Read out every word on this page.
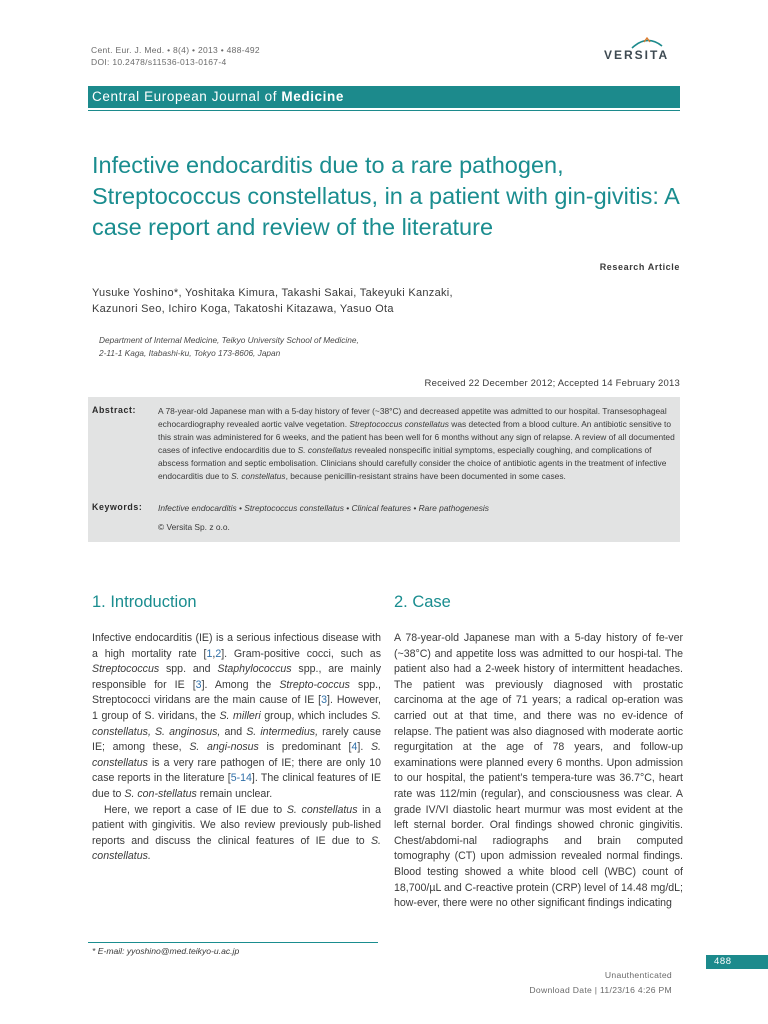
Cent. Eur. J. Med. • 8(4) • 2013 • 488-492
DOI: 10.2478/s11536-013-0167-4	VERSITA
Central European Journal of Medicine
Infective endocarditis due to a rare pathogen, Streptococcus constellatus, in a patient with gin-givitis: A case report and review of the literature
Research Article
Yusuke Yoshino*, Yoshitaka Kimura, Takashi Sakai, Takeyuki Kanzaki,
Kazunori Seo, Ichiro Koga, Takatoshi Kitazawa, Yasuo Ota
Department of Internal Medicine, Teikyo University School of Medicine,
2-11-1 Kaga, Itabashi-ku, Tokyo 173-8606, Japan
Received 22 December 2012; Accepted 14 February 2013
Abstract:	A 78-year-old Japanese man with a 5-day history of fever (~38°C) and decreased appetite was admitted to our hospital. Transesophageal echocardiography revealed aortic valve vegetation. Streptococcus constellatus was detected from a blood culture. An antibiotic sensitive to this strain was administered for 6 weeks, and the patient has been well for 6 months without any sign of relapse. A review of all documented cases of infective endocarditis due to S. constellatus revealed nonspecific initial symptoms, especially coughing, and complications of abscess formation and septic embolisation. Clinicians should carefully consider the choice of antibiotic agents in the treatment of infective endocarditis due to S. constellatus, because penicillin-resistant strains have been documented in some cases.
Keywords: Infective endocarditis • Streptococcus constellatus • Clinical features • Rare pathogenesis
© Versita Sp. z o.o.
1. Introduction	2. Case

Infective endocarditis (IE) is a serious infectious disease with a high mortality rate [1,2]. Gram-positive cocci, such as Streptococcus spp. and Staphylococcus spp., are mainly responsible for IE [3]. Among the Strepto-coccus spp., Streptococci viridans are the main cause of IE [3]. However, 1 group of S. viridans, the S. milleri group, which includes S. constellatus, S. anginosus, and S. intermedius, rarely cause IE; among these, S. angi-nosus is predominant [4]. S. constellatus is a very rare pathogen of IE; there are only 10 case reports in the literature [5-14]. The clinical features of IE due to S. con-stellatus remain unclear.

Here, we report a case of IE due to S. constellatus in a patient with gingivitis. We also review previously pub-lished reports and discuss the clinical features of IE due to S. constellatus.

A 78-year-old Japanese man with a 5-day history of fe-ver (~38°C) and appetite loss was admitted to our hospi-tal. The patient also had a 2-week history of intermittent headaches. The patient was previously diagnosed with prostatic carcinoma at the age of 71 years; a radical op-eration was carried out at that time, and there was no ev-idence of relapse. The patient was also diagnosed with moderate aortic regurgitation at the age of 78 years, and follow-up examinations were planned every 6 months. Upon admission to our hospital, the patient’s tempera-ture was 36.7°C, heart rate was 112/min (regular), and consciousness was clear. A grade IV/VI diastolic heart murmur was most evident at the left sternal border. Oral findings showed chronic gingivitis. Chest/abdomi-nal radiographs and brain computed tomography (CT) upon admission revealed normal findings. Blood testing showed a white blood cell (WBC) count of 18,700/µL and C-reactive protein (CRP) level of 14.48 mg/dL; how-ever, there were no other significant findings indicating

* E-mail: yyoshino@med.teikyo-u.ac.jp
488
Unauthenticated
Download Date | 11/23/16 4:26 PM
